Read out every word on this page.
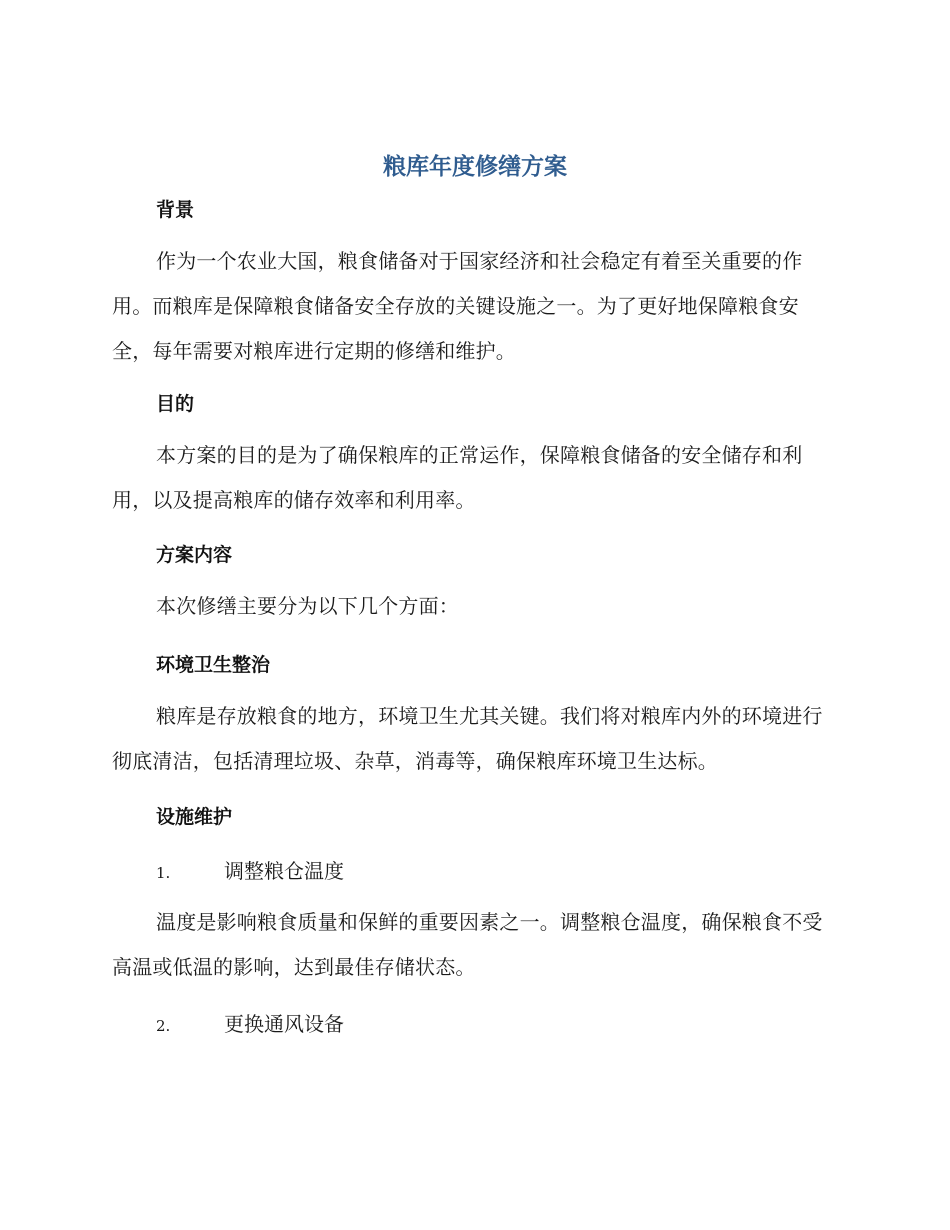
粮库年度修缮方案
背景

作为一个农业大国，粮食储备对于国家经济和社会稳定有着至关重要的作用。而粮库是保障粮食储备安全存放的关键设施之一。为了更好地保障粮食安全，每年需要对粮库进行定期的修缮和维护。

目的

本方案的目的是为了确保粮库的正常运作，保障粮食储备的安全储存和利用，以及提高粮库的储存效率和利用率。

方案内容

本次修缮主要分为以下几个方面：

环境卫生整治

粮库是存放粮食的地方，环境卫生尤其关键。我们将对粮库内外的环境进行彻底清洁，包括清理垃圾、杂草，消毒等，确保粮库环境卫生达标。

设施维护
1.	调整粮仓温度

温度是影响粮食质量和保鲜的重要因素之一。调整粮仓温度，确保粮食不受高温或低温的影响，达到最佳存储状态。

2.	更换通风设备
